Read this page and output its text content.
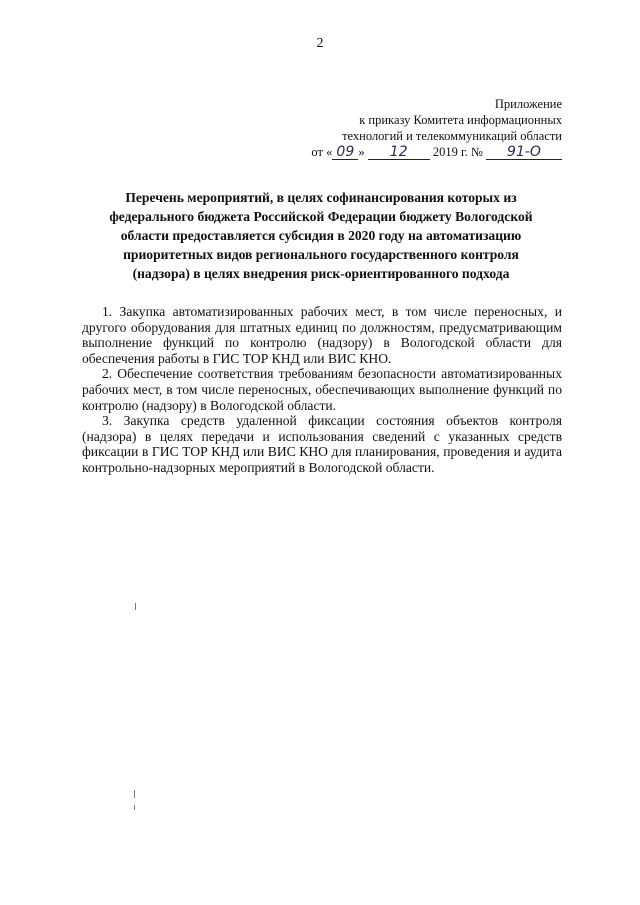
2
Приложение
к приказу Комитета информационных
технологий и телекоммуникаций области
от « 09 » 12 2019 г. № 91-О
Перечень мероприятий, в целях софинансирования которых из
федерального бюджета Российской Федерации бюджету Вологодской
области предоставляется субсидия в 2020 году на автоматизацию
приоритетных видов регионального государственного контроля
(надзора) в целях внедрения риск-ориентированного подхода

1. Закупка автоматизированных рабочих мест, в том числе переносных, и другого оборудования для штатных единиц по должностям, предусматривающим выполнение функций по контролю (надзору) в Вологодской области для обеспечения работы в ГИС ТОР КНД или ВИС КНО.

2. Обеспечение соответствия требованиям безопасности автоматизированных рабочих мест, в том числе переносных, обеспечивающих выполнение функций по контролю (надзору) в Вологодской области.

3. Закупка средств удаленной фиксации состояния объектов контроля (надзора) в целях передачи и использования сведений с указанных средств фиксации в ГИС ТОР КНД или ВИС КНО для планирования, проведения и аудита контрольно-надзорных мероприятий в Вологодской области.
